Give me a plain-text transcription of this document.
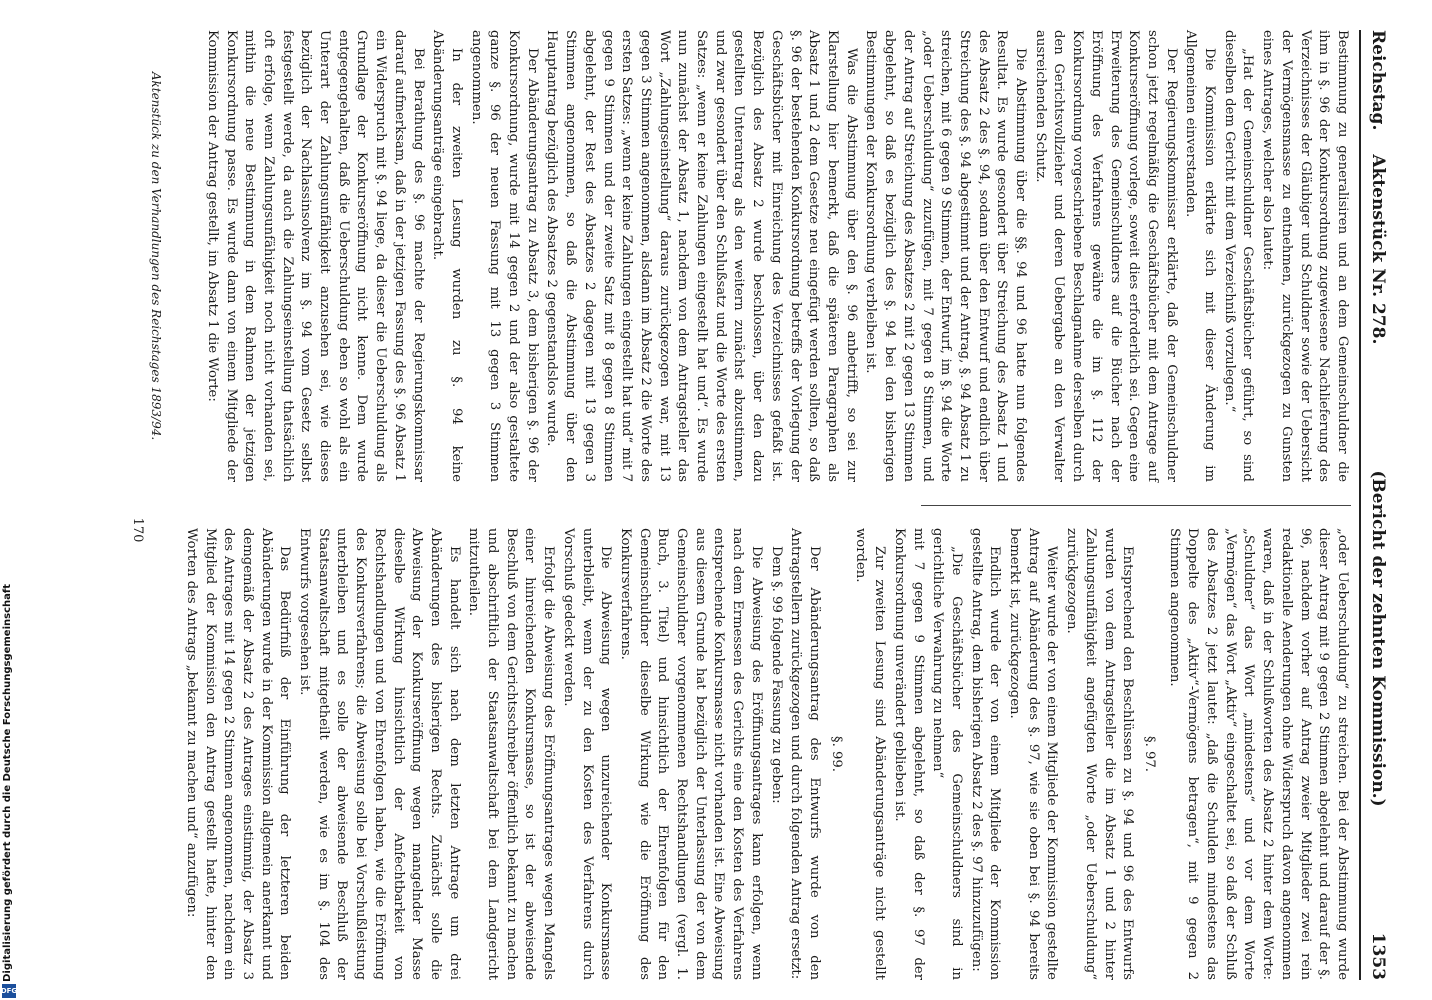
Reichstag.
Aktenstück Nr. 278.
(Bericht der zehnten Kommission.)
1353

Bestimmung zu generalisiren und an dem Gemeinschuldner die ihm in §. 96 der Konkursordnung zugewiesene Nachlieferung des Verzeichnisses der Gläubiger und Schuldner sowie der Uebersicht der Vermögensmasse zu entnehmen, zurückgezogen zu Gunsten eines Antrages, welcher also lautet:

„Hat der Gemeinschuldner Geschäftsbücher geführt, so sind dieselben dem Gericht mit dem Verzeichniß vorzulegen.“

Die Kommission erklärte sich mit dieser Änderung im Allgemeinen einverstanden.

Der Regierungskommissar erklärte, daß der Gemeinschuldner schon jetzt regelmäßig die Geschäftsbücher mit dem Antrage auf Konkurseröffnung vorlege, soweit dies erforderlich sei. Gegen eine Erweiterung des Gemeinschuldners auf die Bücher nach der Eröffnung des Verfahrens gewähre die im §. 112 der Konkursordnung vorgeschriebene Beschlagnahme derselben durch den Gerichtsvollzieher und deren Uebergabe an den Verwalter ausreichenden Schutz.

Die Abstimmung über die §§. 94 und 96 hatte nun folgendes Resultat. Es wurde gesondert über Streichung des Absatz 1 und des Absatz 2 des §. 94, sodann über den Entwurf und endlich über Streichung des §. 94 abgestimmt und der Antrag, §. 94 Absatz 1 zu streichen, mit 6 gegen 9 Stimmen, der Entwurf, im §. 94 die Worte „oder Ueberschuldung“ zuzufügen, mit 7 gegen 8 Stimmen, und der Antrag auf Streichung des Absatzes 2 mit 2 gegen 13 Stimmen abgelehnt, so daß es bezüglich des §. 94 bei den bisherigen Bestimmungen der Konkursordnung verbleiben ist.

Was die Abstimmung über den §. 96 anbetrifft, so sei zur Klarstellung hier bemerkt, daß die späteren Paragraphen als Absatz 1 und 2 dem Gesetze neu eingefügt werden sollten, so daß §. 96 der bestehenden Konkursordnung betreffs der Vorlegung der Geschäftsbücher mit Einreichung des Verzeichnisses gefaßt ist. Bezüglich des Absatz 2 wurde beschlossen, über den dazu gestellten Unterantrag als den weitern zunächst abzustimmen, und zwar gesondert über den Schlußsatz und die Worte des ersten Satzes: „wenn er keine Zahlungen eingestellt hat und“. Es wurde nun zunächst der Absatz 1, nachdem von dem Antragsteller das Wort „Zahlungseinstellung“ daraus zurückgezogen war, mit 13 gegen 3 Stimmen angenommen, alsdann im Absatz 2 die Worte des ersten Satzes: „wenn er keine Zahlungen eingestellt hat und“ mit 7 gegen 9 Stimmen und der zweite Satz mit 8 gegen 8 Stimmen abgelehnt, der Rest des Absatzes 2 dagegen mit 13 gegen 3 Stimmen angenommen, so daß die Abstimmung über den Hauptantrag bezüglich des Absatzes 2 gegenstandslos wurde.

Der Abänderungsantrag zu Absatz 3, dem bisherigen §. 96 der Konkursordnung, wurde mit 14 gegen 2 und der also gestaltete ganze §. 96 der neuen Fassung mit 13 gegen 3 Stimmen angenommen.

In der zweiten Lesung wurden zu §. 94 keine Abänderungsanträge eingebracht.

Bei Berathung des §. 96 machte der Regierungskommissar darauf aufmerksam, daß in der jetzigen Fassung des §. 96 Absatz 1 ein Widerspruch mit §. 94 liege, da dieser die Ueberschuldung als Grundlage der Konkurseröffnung nicht kenne. Dem wurde entgegengehalten, daß die Ueberschuldung eben so wohl als ein Unterart der Zahlungsunfähigkeit anzusehen sei, wie dieses bezüglich der Nachlassinsolvenz im §. 94 vom Gesetz selbst festgestellt werde, da auch die Zahlungseinstellung thatsächlich oft erfolge, wenn Zahlungsunfähigkeit noch nicht vorhanden sei, mithin die neue Bestimmung in dem Rahmen der jetzigen Konkursordnung passe. Es wurde dann von einem Mitgliede der Kommission der Antrag gestellt, im Absatz 1 die Worte:

„oder Ueberschuldung“ zu streichen. Bei der Abstimmung wurde dieser Antrag mit 9 gegen 2 Stimmen abgelehnt und darauf der §. 96, nachdem vorher auf Antrag zweier Mitglieder zwei rein redaktionelle Aenderungen ohne Widerspruch davon angenommen waren, daß in der Schlußworten des Absatz 2 hinter dem Worte: „Schuldner“ das Wort „mindestens“ und vor dem Worte „Vermögen“ das Wort „Aktiv“ eingeschaltet sei, so daß der Schluß des Absatzes 2 jetzt lautet: „daß die Schulden mindestens das Doppelte des „Aktiv“-Vermögens betragen“, mit 9 gegen 2 Stimmen angenommen.

§. 97.

Entsprechend den Beschlüssen zu §. 94 und 96 des Entwurfs wurden von dem Antragsteller die im Absatz 1 und 2 hinter Zahlungsunfähigkeit angefügten Worte „oder Ueberschuldung“ zurückgezogen.

Weiter wurde der von einem Mitgliede der Kommission gestellte Antrag auf Abänderung des §. 97, wie sie oben bei §. 94 bereits bemerkt ist, zurückgezogen.

Endlich wurde der von einem Mitgliede der Kommission gestellte Antrag, dem bisherigen Absatz 2 des §. 97 hinzuzufügen:

„Die Geschäftsbücher des Gemeinschuldners sind in gerichtliche Verwahrung zu nehmen“

mit 7 gegen 9 Stimmen abgelehnt, so daß der §. 97 der Konkursordnung unverändert geblieben ist.

Zur zweiten Lesung sind Abänderungsanträge nicht gestellt worden.

§. 99.

Der Abänderungsantrag des Entwurfs wurde von den Antragstellern zurückgezogen und durch folgenden Antrag ersetzt:

Dem §. 99 folgende Fassung zu geben:

Die Abweisung des Eröffnungsantrages kann erfolgen, wenn nach dem Ermessen des Gerichts eine den Kosten des Verfahrens entsprechende Konkursmasse nicht vorhanden ist. Eine Abweisung aus diesem Grunde hat bezüglich der Unterlassung der von dem Gemeinschuldner vorgenommenen Rechtshandlungen (vergl. 1. Buch, 3. Titel) und hinsichtlich der Ehrenfolgen für den Gemeinschuldner dieselbe Wirkung wie die Eröffnung des Konkursverfahrens.

Die Abweisung wegen unzureichender Konkursmasse unterbleibt, wenn der zu den Kosten des Verfahrens durch Vorschuß gedeckt werden.

Erfolgt die Abweisung des Eröffnungsantrages wegen Mangels einer hinreichenden Konkursmasse, so ist der abweisende Beschluß von dem Gerichtsschreiber öffentlich bekannt zu machen und abschriftlich der Staatsanwaltschaft bei dem Landgericht mitzutheilen.

Es handelt sich nach dem letzten Antrage um drei Abänderungen des bisherigen Rechts. Zunächst solle die Abweisung der Konkurseröffnung wegen mangelnder Masse dieselbe Wirkung hinsichtlich der Anfechtbarkeit von Rechtshandlungen und von Ehrenfolgen haben, wie die Eröffnung des Konkursverfahrens; die Abweisung solle bei Vorschußleistung unterbleiben und es solle der abweisende Beschluß der Staatsanwaltschaft mitgetheilt werden, wie es im §. 104 des Entwurfs vorgesehen ist.

Das Bedürfniß der Einführung der letzteren beiden Abänderungen wurde in der Kommission allgemein anerkannt und demgemäß der Absatz 2 des Antrages einstimmig, der Absatz 3 des Antrages mit 14 gegen 2 Stimmen angenommen, nachdem ein Mitglied der Kommission den Antrag gestellt hatte, hinter den Worten des Antrags „bekannt zu machen und“ anzufügen:

Aktenstück zu den Verhandlungen des Reichstages 1893/94.
170
Digitalisierung gefördert durch die Deutsche Forschungsgemeinschaft
DFG
